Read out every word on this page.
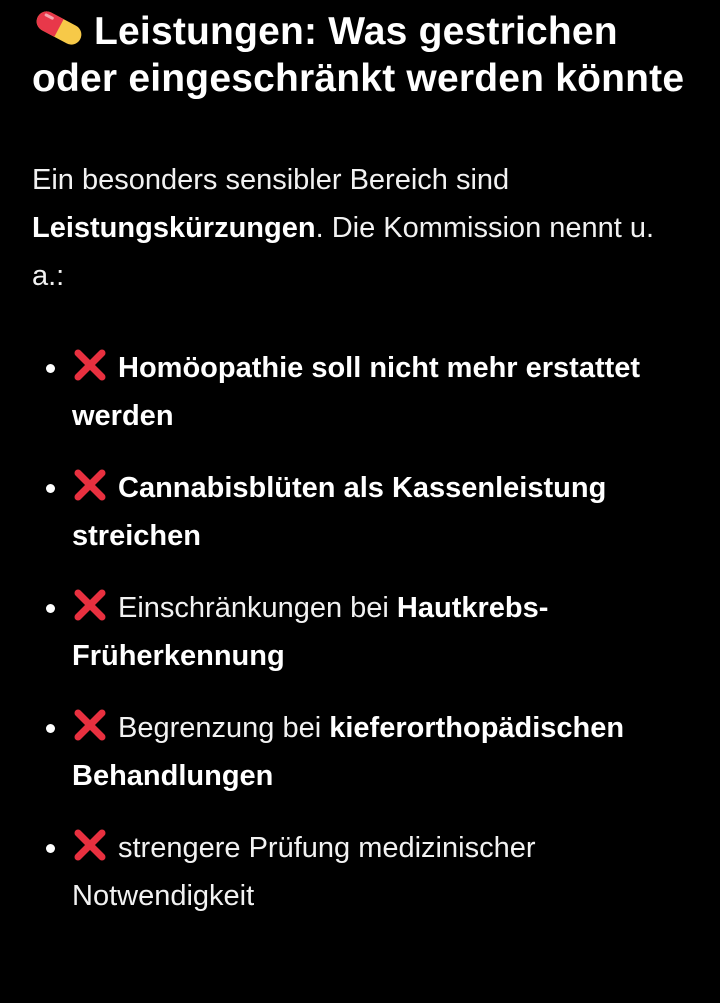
Leistungen: Was gestrichen oder eingeschränkt werden könnte

Ein besonders sensibler Bereich sind Leistungskürzungen. Die Kommission nennt u. a.:

Homöopathie soll nicht mehr erstattet werden
Cannabisblüten als Kassenleistung streichen
Einschränkungen bei Hautkrebs-Früherkennung
Begrenzung bei kieferorthopädischen Behandlungen
strengere Prüfung medizinischer Notwendigkeit
